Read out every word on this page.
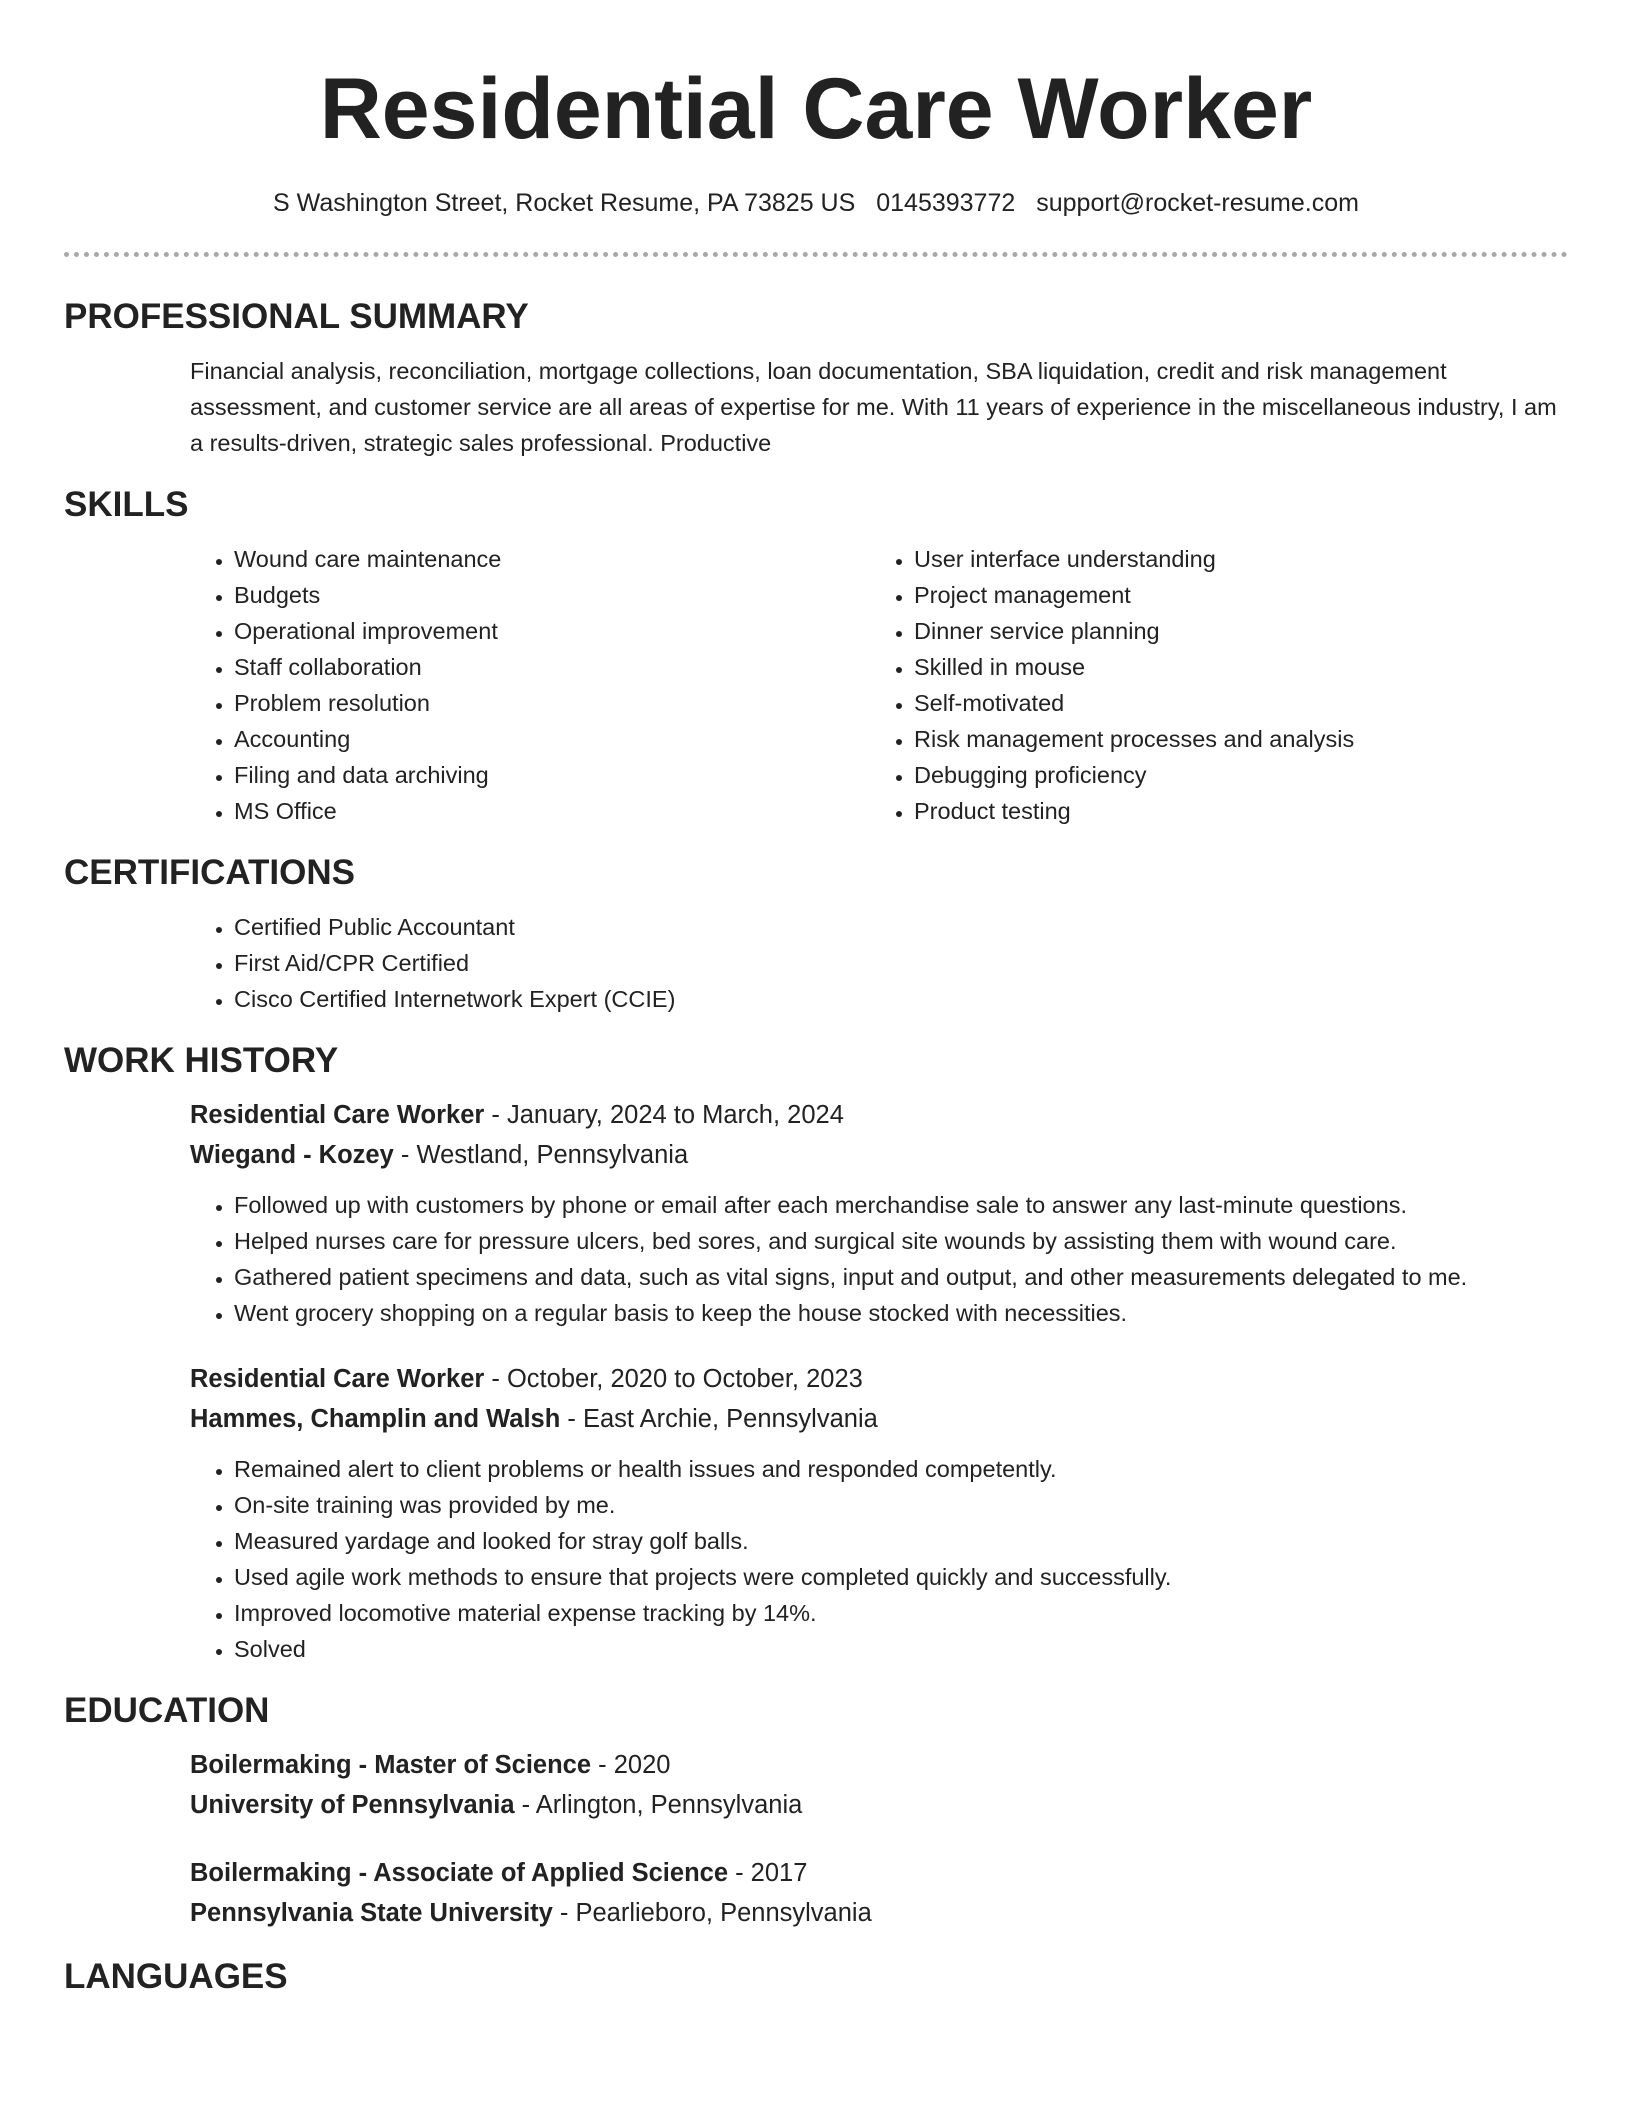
Residential Care Worker
S Washington Street, Rocket Resume, PA 73825 US 0145393772 support@rocket-resume.com
PROFESSIONAL SUMMARY

Financial analysis, reconciliation, mortgage collections, loan documentation, SBA liquidation, credit and risk management assessment, and customer service are all areas of expertise for me. With 11 years of experience in the miscellaneous industry, I am a results-driven, strategic sales professional. Productive

SKILLS
• Wound care maintenance
• Budgets
• Operational improvement
• Staff collaboration
• Problem resolution
• Accounting
• Filing and data archiving
• MS Office
• User interface understanding
• Project management
• Dinner service planning
• Skilled in mouse
• Self-motivated
• Risk management processes and analysis
• Debugging proficiency
• Product testing
CERTIFICATIONS
• Certified Public Accountant
• First Aid/CPR Certified
• Cisco Certified Internetwork Expert (CCIE)
WORK HISTORY
Residential Care Worker - January, 2024 to March, 2024
Wiegand - Kozey - Westland, Pennsylvania
• Followed up with customers by phone or email after each merchandise sale to answer any last-minute questions.
• Helped nurses care for pressure ulcers, bed sores, and surgical site wounds by assisting them with wound care.
• Gathered patient specimens and data, such as vital signs, input and output, and other measurements delegated to me.
• Went grocery shopping on a regular basis to keep the house stocked with necessities.
Residential Care Worker - October, 2020 to October, 2023
Hammes, Champlin and Walsh - East Archie, Pennsylvania
• Remained alert to client problems or health issues and responded competently.
• On-site training was provided by me.
• Measured yardage and looked for stray golf balls.
• Used agile work methods to ensure that projects were completed quickly and successfully.
• Improved locomotive material expense tracking by 14%.
• Solved
EDUCATION
Boilermaking - Master of Science - 2020
University of Pennsylvania - Arlington, Pennsylvania
Boilermaking - Associate of Applied Science - 2017
Pennsylvania State University - Pearlieboro, Pennsylvania
LANGUAGES
